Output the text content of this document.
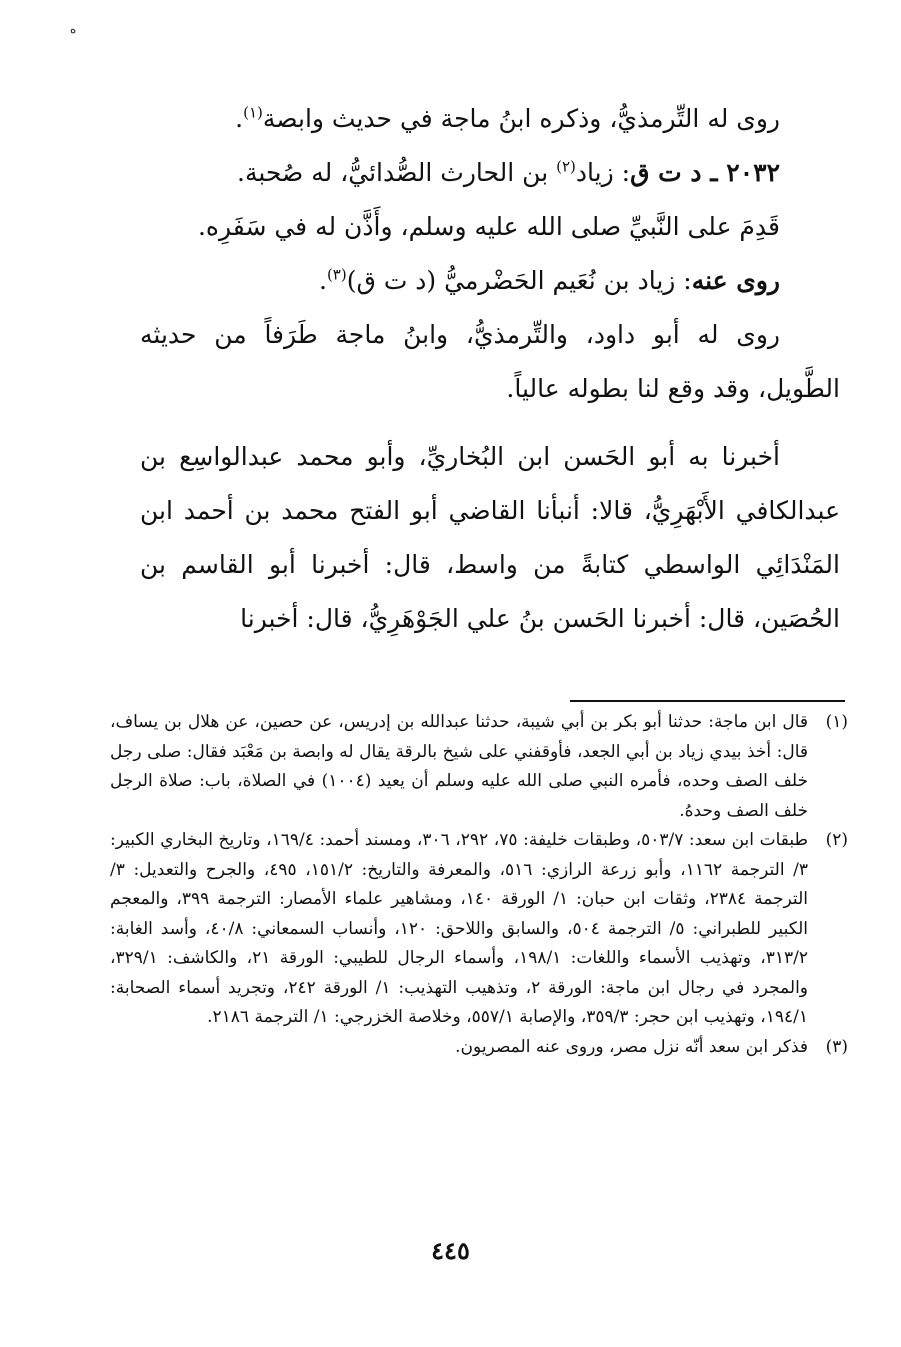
ه

روى له التِّرمذيُّ، وذكره ابنُ ماجة في حديث وابصة$^{(١)}$.

٢٠٣٢ ـ د ت ق: زياد$^{(٢)}$ بن الحارث الصُّدائيُّ، له صُحبة.

قَدِمَ على النَّبيِّ صلى الله عليه وسلم، وأَذَّن له في سَفَرِه.

روى عنه: زياد بن نُعَيم الحَضْرميُّ (د ت ق)$^{(٣)}$.

روى له أبو داود، والتِّرمذيُّ، وابنُ ماجة طَرَفاً من حديثه الطَّويل، وقد وقع لنا بطوله عالياً.

أخبرنا به أبو الحَسن ابن البُخاريِّ، وأبو محمد عبدالواسِع بن عبدالكافي الأَبْهَرِيُّ، قالا: أنبأنا القاضي أبو الفتح محمد بن أحمد ابن المَنْدَائِي الواسطي كتابةً من واسط، قال: أخبرنا أبو القاسم بن الحُصَين، قال: أخبرنا الحَسن بنُ علي الجَوْهَرِيُّ، قال: أخبرنا

(١)
قال ابن ماجة: حدثنا أبو بكر بن أبي شيبة، حدثنا عبدالله بن إدريس، عن حصين، عن هلال بن يساف، قال: أخذ بيدي زياد بن أبي الجعد، فأوقفني على شيخ بالرقة يقال له وابصة بن مَعْبَد فقال: صلى رجل خلف الصف وحده، فأمره النبي صلى الله عليه وسلم أن يعيد (١٠٠٤) في الصلاة، باب: صلاة الرجل خلف الصف وحدهُ.
(٢)
طبقات ابن سعد: ٥٠٣/٧، وطبقات خليفة: ٧٥، ٢٩٢، ٣٠٦، ومسند أحمد: ١٦٩/٤، وتاريخ البخاري الكبير: ٣/ الترجمة ١١٦٢، وأبو زرعة الرازي: ٥١٦، والمعرفة والتاريخ: ١٥١/٢، ٤٩٥، والجرح والتعديل: ٣/ الترجمة ٢٣٨٤، وثقات ابن حبان: ١/ الورقة ١٤٠، ومشاهير علماء الأمصار: الترجمة ٣٩٩، والمعجم الكبير للطبراني: ٥/ الترجمة ٥٠٤، والسابق واللاحق: ١٢٠، وأنساب السمعاني: ٤٠/٨، وأسد الغابة: ٣١٣/٢، وتهذيب الأسماء واللغات: ١٩٨/١، وأسماء الرجال للطيبي: الورقة ٢١، والكاشف: ٣٢٩/١، والمجرد في رجال ابن ماجة: الورقة ٢، وتذهيب التهذيب: ١/ الورقة ٢٤٢، وتجريد أسماء الصحابة: ١٩٤/١، وتهذيب ابن حجر: ٣٥٩/٣، والإصابة ٥٥٧/١، وخلاصة الخزرجي: ١/ الترجمة ٢١٨٦.
(٣)
فذكر ابن سعد أنّه نزل مصر، وروى عنه المصريون.
٤٤٥
